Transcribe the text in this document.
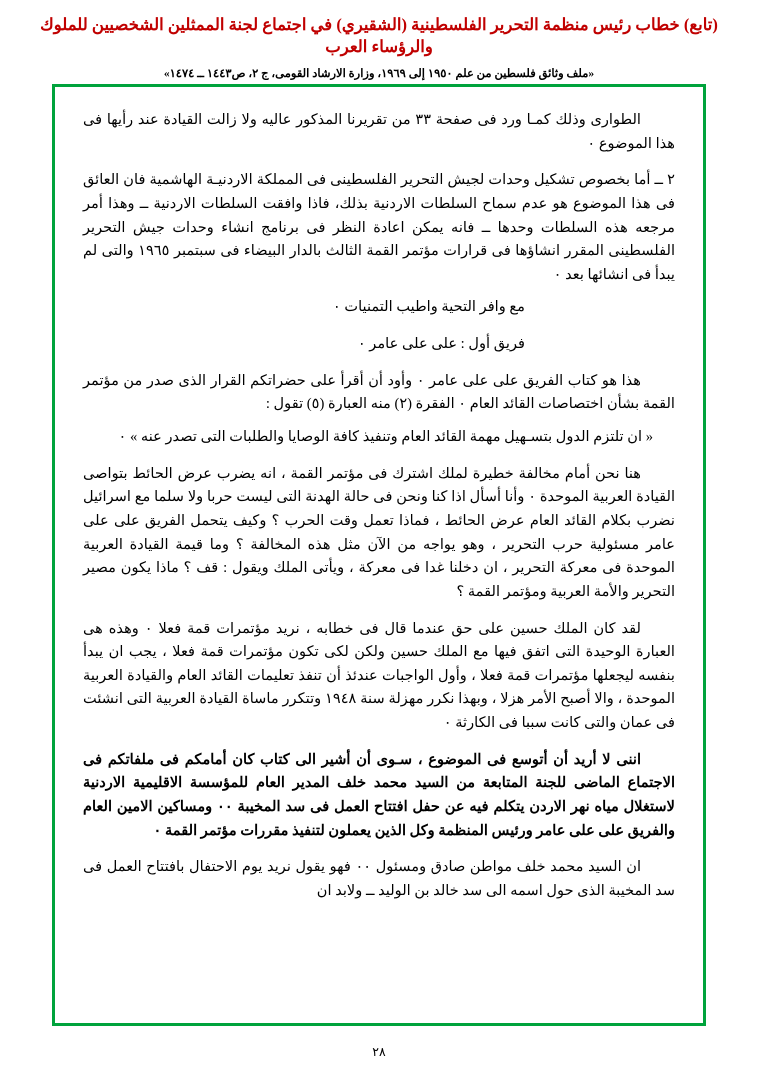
(تابع) خطاب رئيس منظمة التحرير الفلسطينية (الشقيري) في اجتماع لجنة الممثلين الشخصيين للملوك والرؤساء العرب
«ملف وثائق فلسطين من علم ١٩٥٠ إلى ١٩٦٩، وزارة الارشاد القومى، ج ٢، ص١٤٤٣ ــ ١٤٧٤»

الطوارى وذلك كمـا ورد فى صفحة ٣٣ من تقريرنا المذكور عاليه ولا زالت القيادة عند رأيها فى هذا الموضوع ٠

٢ ــ أما بخصوص تشكيل وحدات لجيش التحرير الفلسطينى فى المملكة الاردنيـة الهاشمية فان العائق فى هذا الموضوع هو عدم سماح السلطات الاردنية بذلك، فاذا وافقت السلطات الاردنية ــ وهذا أمر مرجعه هذه السلطات وحدها ــ فانه يمكن اعادة النظر فى برنامج انشاء وحدات جيش التحرير الفلسطينى المقرر انشاؤها فى قرارات مؤتمر القمة الثالث بالدار البيضاء فى سبتمبر ١٩٦٥ والتى لم يبدأ فى انشائها بعد ٠

مع وافر التحية واطيب التمنيات ٠

فريق أول : على على عامر ٠

هذا هو كتاب الفريق على على عامر ٠ وأود أن أقرأ على حضراتكم القرار الذى صدر من مؤتمر القمة بشأن اختصاصات القائد العام ٠ الفقرة (٢) منه العبارة (٥) تقول :

« ان تلتزم الدول بتسـهيل مهمة القائد العام وتنفيذ كافة الوصايا والطلبات التى تصدر عنه » ٠

هنا نحن أمام مخالفة خطيرة لملك اشترك فى مؤتمر القمة ، انه يضرب عرض الحائط بتواصى القيادة العربية الموحدة ٠ وأنا أسأل اذا كنا ونحن فى حالة الهدنة التى ليست حربا ولا سلما مع اسرائيل نضرب بكلام القائد العام عرض الحائط ، فماذا تعمل وقت الحرب ؟ وكيف يتحمل الفريق على على عامر مسئولية حرب التحرير ، وهو يواجه من الآن مثل هذه المخالفة ؟ وما قيمة القيادة العربية الموحدة فى معركة التحرير ، ان دخلنا غدا فى معركة ، ويأتى الملك ويقول : قف ؟ ماذا يكون مصير التحرير والأمة العربية ومؤتمر القمة ؟

لقد كان الملك حسين على حق عندما قال فى خطابه ، نريد مؤتمرات قمة فعلا ٠ وهذه هى العبارة الوحيدة التى اتفق فيها مع الملك حسين ولكن لكى تكون مؤتمرات قمة فعلا ، يجب ان يبدأ بنفسه ليجعلها مؤتمرات قمة فعلا ، وأول الواجبات عندئذ أن تنفذ تعليمات القائد العام والقيادة العربية الموحدة ، والا أصبح الأمر هزلا ، وبهذا نكرر مهزلة سنة ١٩٤٨ وتتكرر ماساة القيادة العربية التى انشئت فى عمان والتى كانت سببا فى الكارثة ٠

اننى لا أريد أن أتوسع فى الموضوع ، سـوى أن أشير الى كتاب كان أمامكم فى ملفاتكم فى الاجتماع الماضى للجنة المتابعة من السيد محمد خلف المدير العام للمؤسسة الاقليمية الاردنية لاستغلال مياه نهر الاردن يتكلم فيه عن حفل افتتاح العمل فى سد المخيبة ٠٠ ومساكين الامين العام والفريق على على عامر ورئيس المنظمة وكل الذين يعملون لتنفيذ مقررات مؤتمر القمة ٠

ان السيد محمد خلف مواطن صادق ومسئول ٠٠ فهو يقول نريد يوم الاحتفال بافتتاح العمل فى سد المخيبة الذى حول اسمه الى سد خالد بن الوليد ــ ولابد ان

٢٨
